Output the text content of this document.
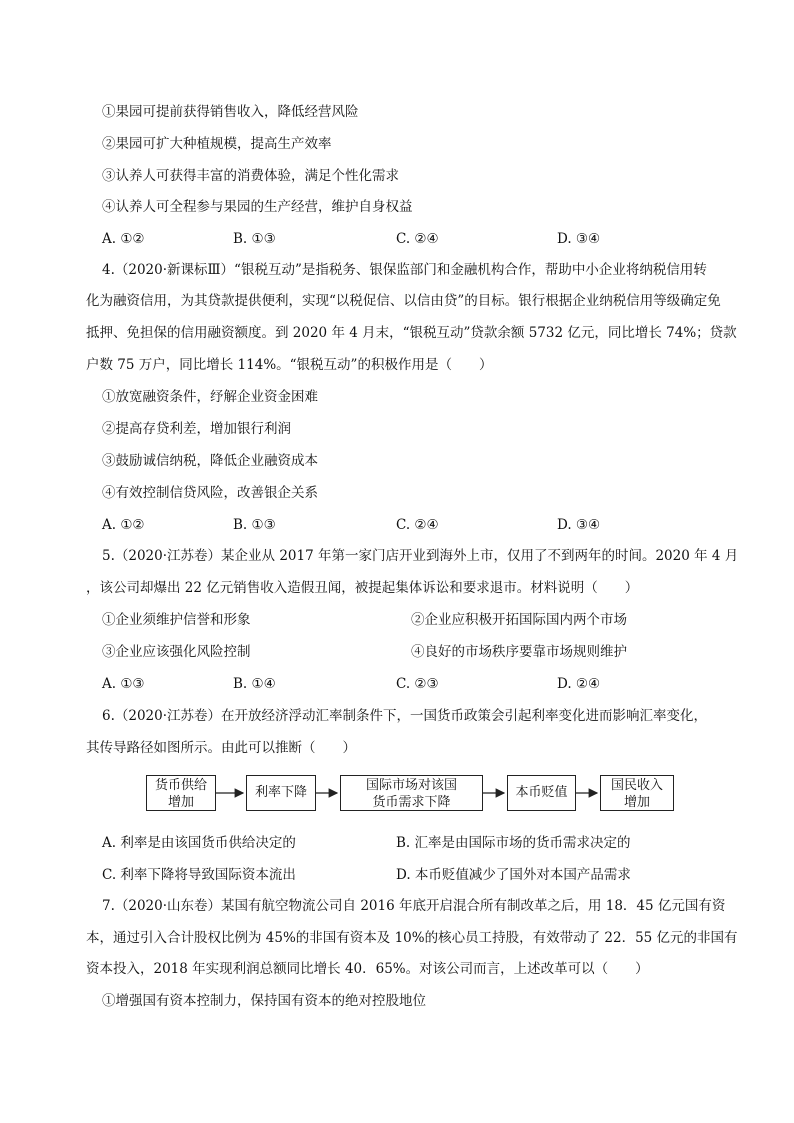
①果园可提前获得销售收入，降低经营风险
②果园可扩大种植规模，提高生产效率
③认养人可获得丰富的消费体验，满足个性化需求
④认养人可全程参与果园的生产经营，维护自身权益
A. ①②	B. ①③	C. ②④	D. ③④
4.（2020·新课标Ⅲ）“银税互动”是指税务、银保监部门和金融机构合作，帮助中小企业将纳税信用转
化为融资信用，为其贷款提供便利，实现“以税促信、以信由贷”的目标。银行根据企业纳税信用等级确定免
抵押、免担保的信用融资额度。到 2020 年 4 月末，“银税互动”贷款余额 5732 亿元，同比增长 74%；贷款
户数 75 万户，同比增长 114%。“银税互动”的积极作用是（　　）
①放宽融资条件，纾解企业资金困难
②提高存贷利差，增加银行利润
③鼓励诚信纳税，降低企业融资成本
④有效控制信贷风险，改善银企关系
A. ①②	B. ①③	C. ②④	D. ③④
5.（2020·江苏卷）某企业从 2017 年第一家门店开业到海外上市，仅用了不到两年的时间。2020 年 4 月
，该公司却爆出 22 亿元销售收入造假丑闻，被提起集体诉讼和要求退市。材料说明（　　）
①企业须维护信誉和形象	②企业应积极开拓国际国内两个市场
③企业应该强化风险控制	④良好的市场秩序要靠市场规则维护
A. ①③	B. ①④	C. ②③	D. ②④
6.（2020·江苏卷）在开放经济浮动汇率制条件下，一国货币政策会引起利率变化进而影响汇率变化，
其传导路径如图所示。由此可以推断（　　）
货币供给
增加
利率下降	国际市场对该国
货币需求下降
本币贬值	国民收入
增加
A. 利率是由该国货币供给决定的	B. 汇率是由国际市场的货币需求决定的
C. 利率下降将导致国际资本流出	D. 本币贬值减少了国外对本国产品需求
7.（2020·山东卷）某国有航空物流公司自 2016 年底开启混合所有制改革之后，用 18．45 亿元国有资
本，通过引入合计股权比例为 45%的非国有资本及 10%的核心员工持股，有效带动了 22．55 亿元的非国有
资本投入，2018 年实现利润总额同比增长 40．65%。对该公司而言，上述改革可以（　　）
①增强国有资本控制力，保持国有资本的绝对控股地位
